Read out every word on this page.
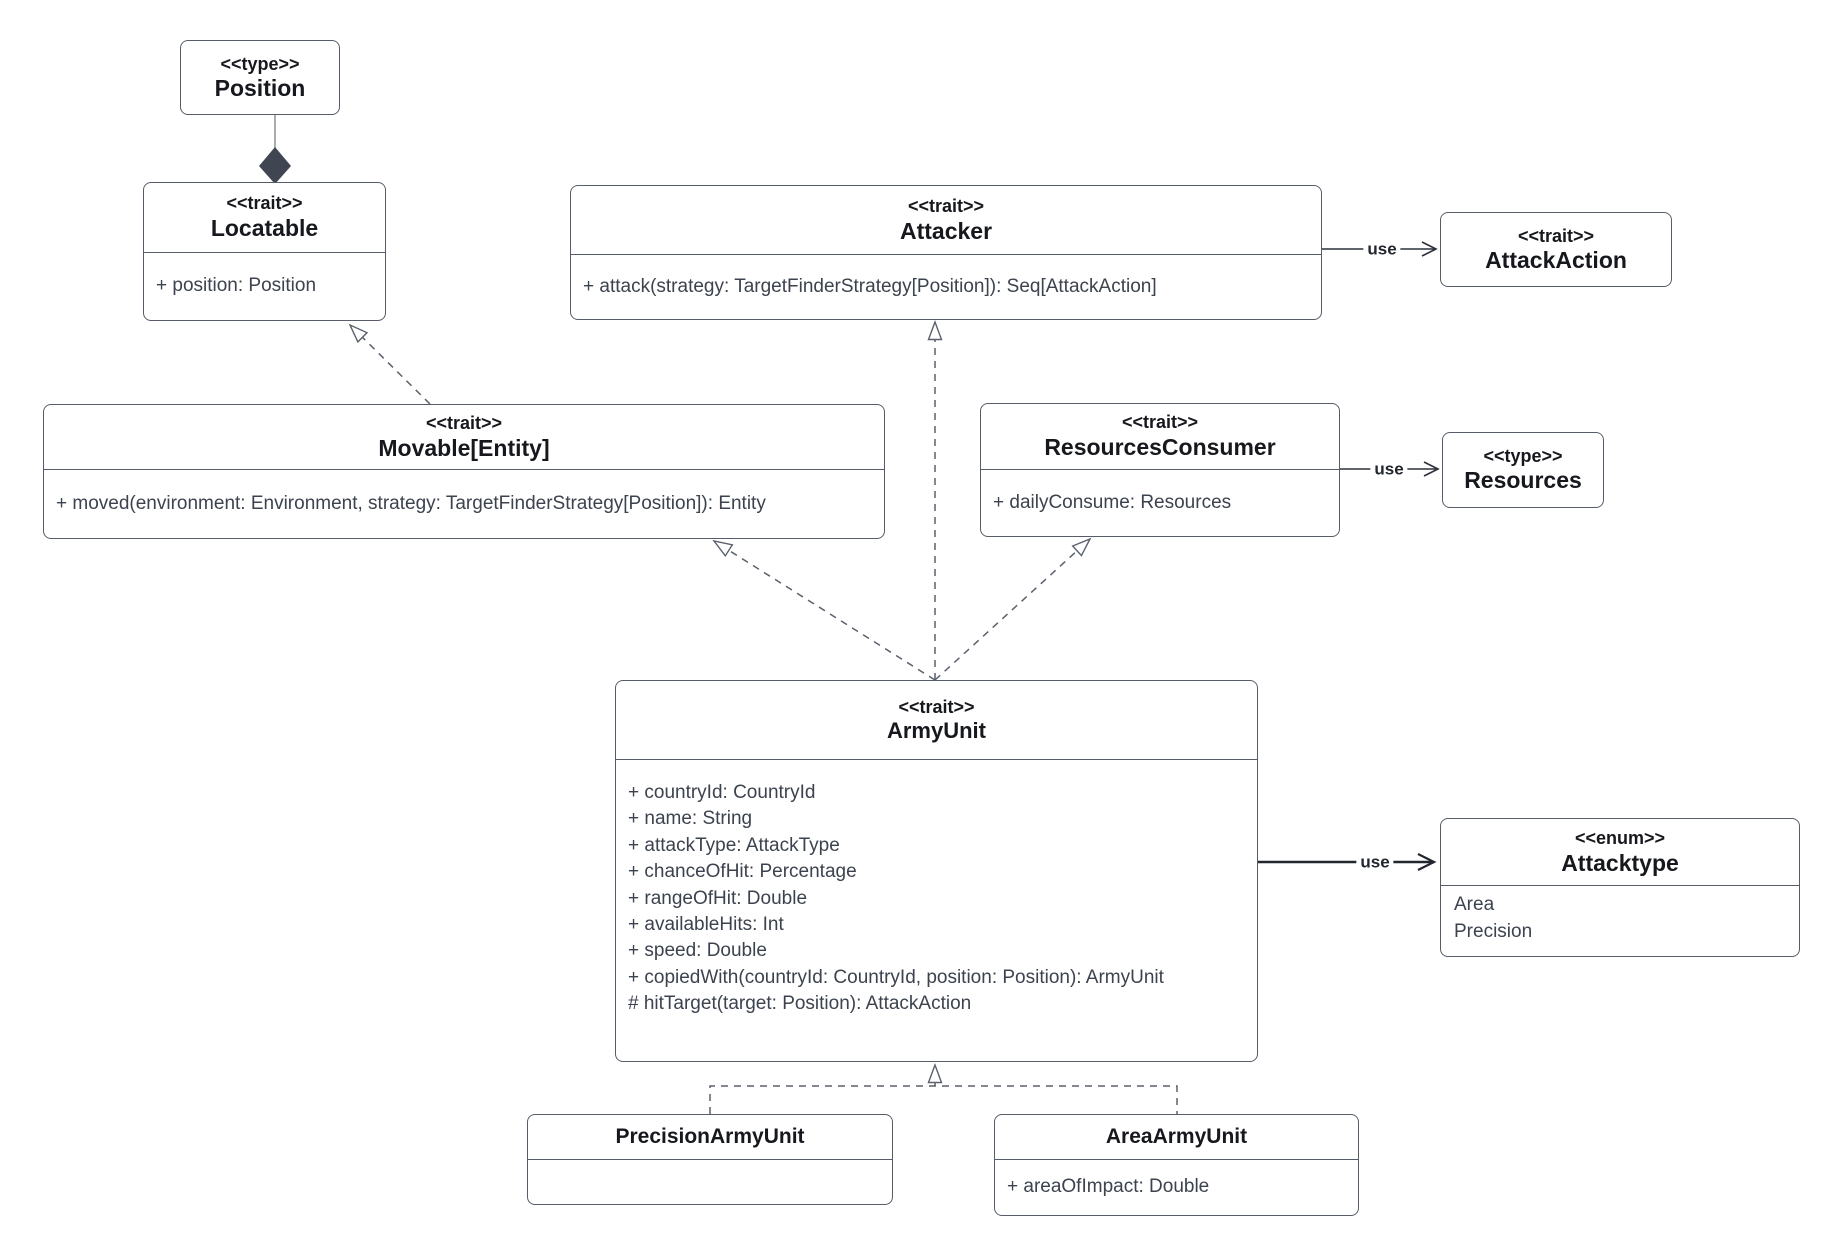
<<type>>
Position
<<trait>>
Locatable
+ position: Position
<<trait>>
Attacker
+ attack(strategy: TargetFinderStrategy[Position]): Seq[AttackAction]
<<trait>>
AttackAction
<<trait>>
Movable[Entity]
+ moved(environment: Environment, strategy: TargetFinderStrategy[Position]): Entity
<<trait>>
ResourcesConsumer
+ dailyConsume: Resources
<<type>>
Resources
<<trait>>
ArmyUnit
+ countryId: CountryId
+ name: String
+ attackType: AttackType
+ chanceOfHit: Percentage
+ rangeOfHit: Double
+ availableHits: Int
+ speed: Double
+ copiedWith(countryId: CountryId, position: Position): ArmyUnit
# hitTarget(target: Position): AttackAction
<<enum>>
Attacktype
Area
Precision
PrecisionArmyUnit	AreaArmyUnit
+ areaOfImpact: Double
use
use
use
